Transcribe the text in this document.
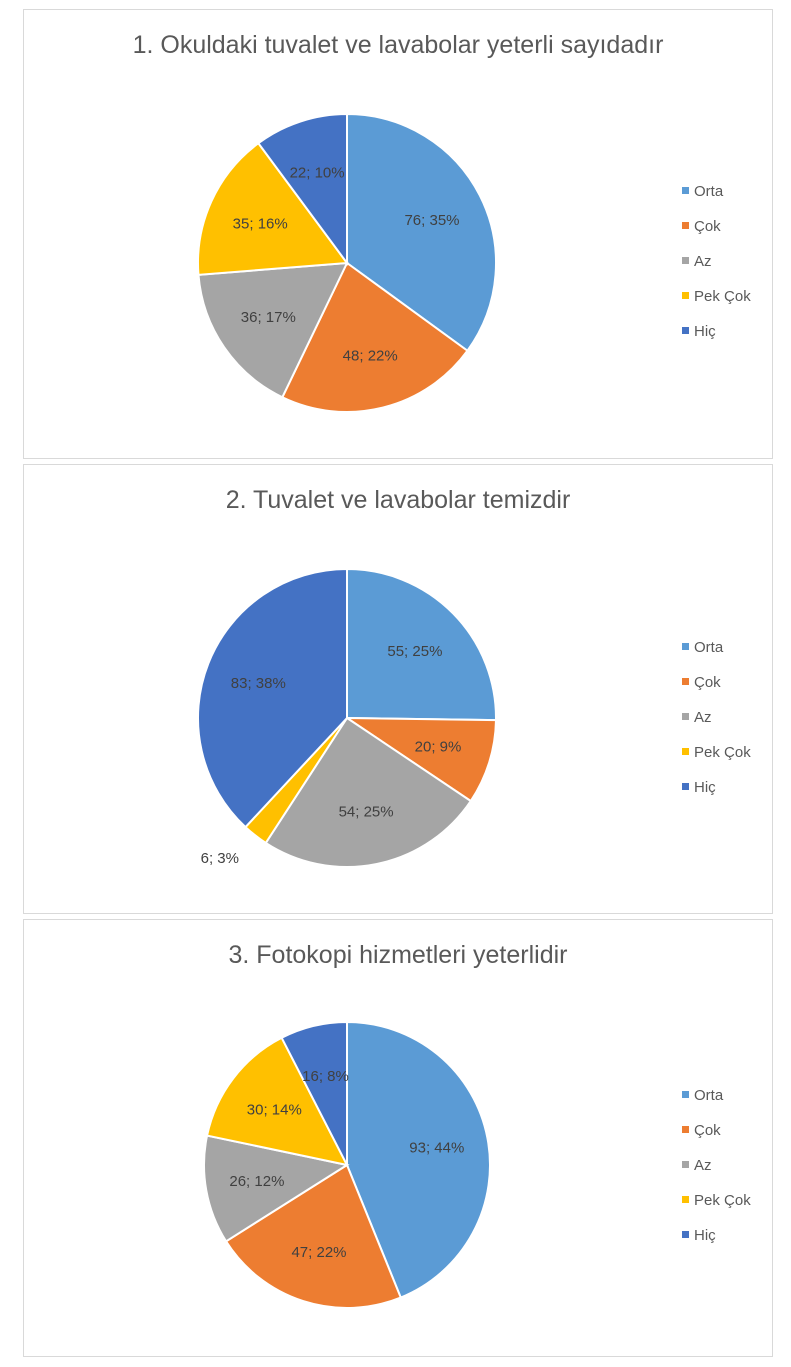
1. Okuldaki tuvalet ve lavabolar yeterli sayıdadır
76; 35%
48; 22%
36; 17%
35; 16%
22; 10%
Orta
Çok
Az
Pek Çok
Hiç
2. Tuvalet ve lavabolar temizdir
55; 25%
20; 9%
54; 25%
6; 3%
83; 38%
Orta
Çok
Az
Pek Çok
Hiç
3. Fotokopi hizmetleri yeterlidir
93; 44%
47; 22%
26; 12%
30; 14%
16; 8%
Orta
Çok
Az
Pek Çok
Hiç
